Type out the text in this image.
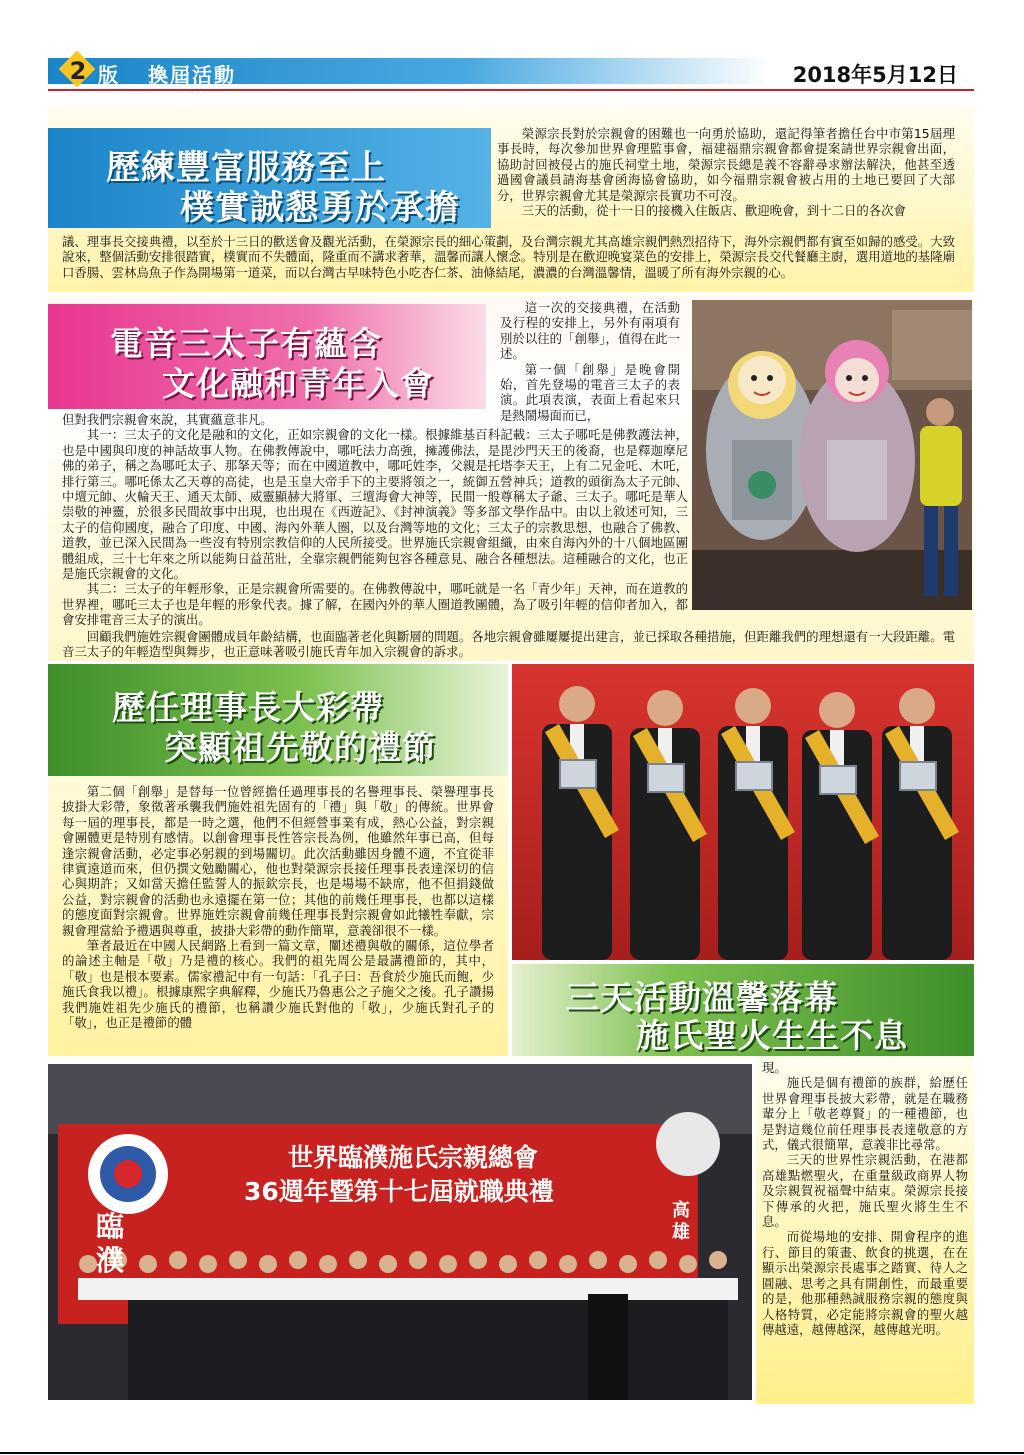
2 版 換屆活動	2018年5月12日
歷練豐富服務至上
樸實誠懇勇於承擔

榮源宗長對於宗親會的困難也一向勇於協助，還記得筆者擔任台中市第15屆理事長時，每次參加世界會理監事會，福建福鼎宗親會都會提案請世界宗親會出面，協助討回被侵占的施氏祠堂土地，榮源宗長總是義不容辭尋求辦法解決，他甚至透過國會議員請海基會函海協會協助，如今福鼎宗親會被占用的土地已要回了大部分，世界宗親會尤其是榮源宗長實功不可沒。

三天的活動，從十一日的接機入住飯店、歡迎晚會，到十二日的各次會

議、理事長交接典禮，以至於十三日的歡送會及觀光活動，在榮源宗長的細心策劃，及台灣宗親尤其高雄宗親們熱烈招待下，海外宗親們都有賓至如歸的感受。大致說來，整個活動安排很踏實，樸實而不失體面，隆重而不講求奢華，溫馨而讓人懷念。特別是在歡迎晚宴菜色的安排上，榮源宗長交代餐廳主廚，選用道地的基隆廟口香腸、雲林烏魚子作為開場第一道菜，而以台灣古早味特色小吃杏仁茶、油條結尾，濃濃的台灣溫馨情，溫暖了所有海外宗親的心。

電音三太子有蘊含
文化融和青年入會

這一次的交接典禮，在活動及行程的安排上，另外有兩項有別於以往的「創舉」，值得在此一述。

第一個「創舉」是晚會開始，首先登場的電音三太子的表演。此項表演，表面上看起來只是熱鬧場面而已，

但對我們宗親會來說，其實蘊意非凡。

其一：三太子的文化是融和的文化，正如宗親會的文化一樣。根據維基百科記載：三太子哪吒是佛教護法神，也是中國與印度的神話故事人物。在佛教傳說中，哪吒法力高強，擁護佛法，是毘沙門天王的後裔，也是釋迦摩尼佛的弟子，稱之為哪吒太子、那拏天等；而在中國道教中，哪吒姓李，父親是托塔李天王，上有二兄金吒、木吒，排行第三。哪吒係太乙天尊的高徒，也是玉皇大帝手下的主要將領之一，統御五營神兵；道教的頭銜為太子元帥、中壇元帥、火輪天王、通天太師、威靈顯赫大將軍、三壇海會大神等，民間一般尊稱太子爺、三太子。哪吒是華人崇敬的神靈，於很多民間故事中出現，也出現在《西遊記》、《封神演義》等多部文學作品中。由以上敘述可知，三太子的信仰國度，融合了印度、中國、海內外華人圈，以及台灣等地的文化；三太子的宗教思想，也融合了佛教、道教，並已深入民間為一些沒有特別宗教信仰的人民所接受。世界施氏宗親會組織，由來自海內外的十八個地區團體組成，三十七年來之所以能夠日益茁壯，全靠宗親們能夠包容各種意見、融合各種想法。這種融合的文化，也正是施氏宗親會的文化。

其二：三太子的年輕形象，正是宗親會所需要的。在佛教傳說中，哪吒就是一名「青少年」天神，而在道教的世界裡，哪吒三太子也是年輕的形象代表。據了解，在國內外的華人圈道教團體，為了吸引年輕的信仰者加入，都會安排電音三太子的演出。

回顧我們施姓宗親會團體成員年齡結構，也面臨著老化與斷層的問題。各地宗親會雖屢屢提出建言，並已採取各種措施，但距離我們的理想還有一大段距離。電音三太子的年輕造型與舞步，也正意味著吸引施氏青年加入宗親會的訴求。

歷任理事長大彩帶
突顯祖先敬的禮節

第二個「創舉」是替每一位曾經擔任過理事長的名譽理事長、榮譽理事長披掛大彩帶，象徵著承襲我們施姓祖先固有的「禮」與「敬」的傳統。世界會每一屆的理事長，都是一時之選，他們不但經營事業有成，熱心公益，對宗親會團體更是特別有感情。以創會理事長性答宗長為例，他雖然年事已高，但每逢宗親會活動，必定事必躬親的到場關切。此次活動雖因身體不適，不宜從菲律賓遠道而來，但仍撰文勉勵關心，他也對榮源宗長接任理事長表達深切的信心與期許；又如當天擔任監誓人的振欽宗長，也是場場不缺席，他不但捐錢做公益，對宗親會的活動也永遠擺在第一位；其他的前幾任理事長，也都以這樣的態度面對宗親會。世界施姓宗親會前幾任理事長對宗親會如此犧牲奉獻，宗親會理當給予禮遇與尊重，披掛大彩帶的動作簡單，意義卻很不一樣。

筆者最近在中國人民網路上看到一篇文章，闡述禮與敬的關係，這位學者的論述主軸是「敬」乃是禮的核心。我們的祖先周公是最講禮節的，其中，「敬」也是根本要素。儒家禮記中有一句話：「孔子曰：吾食於少施氏而飽，少施氏食我以禮」。根據康熙字典解釋，少施氏乃魯惠公之子施父之後。孔子讚揚我們施姓祖先少施氏的禮節，也稱讚少施氏對他的「敬」，少施氏對孔子的「敬」，也正是禮節的體

三天活動溫馨落幕
施氏聖火生生不息
世界臨濮施氏宗親總會
36週年暨第十七屆就職典禮
臨濮
高雄

現。

施氏是個有禮節的族群，給歷任世界會理事長披大彩帶，就是在職務輩分上「敬老尊賢」的一種禮節，也是對這幾位前任理事長表達敬意的方式，儀式很簡單，意義非比尋常。

三天的世界性宗親活動，在港都高雄點燃聖火，在重量級政商界人物及宗親賀祝福聲中結束。榮源宗長接下傳承的火把，施氏聖火將生生不息。

而從場地的安排、開會程序的進行、節目的策畫、飲食的挑選，在在顯示出榮源宗長處事之踏實、待人之圓融、思考之具有開創性，而最重要的是，他那種熱誠服務宗親的態度與人格特質，必定能將宗親會的聖火越傳越遠，越傳越深，越傳越光明。
